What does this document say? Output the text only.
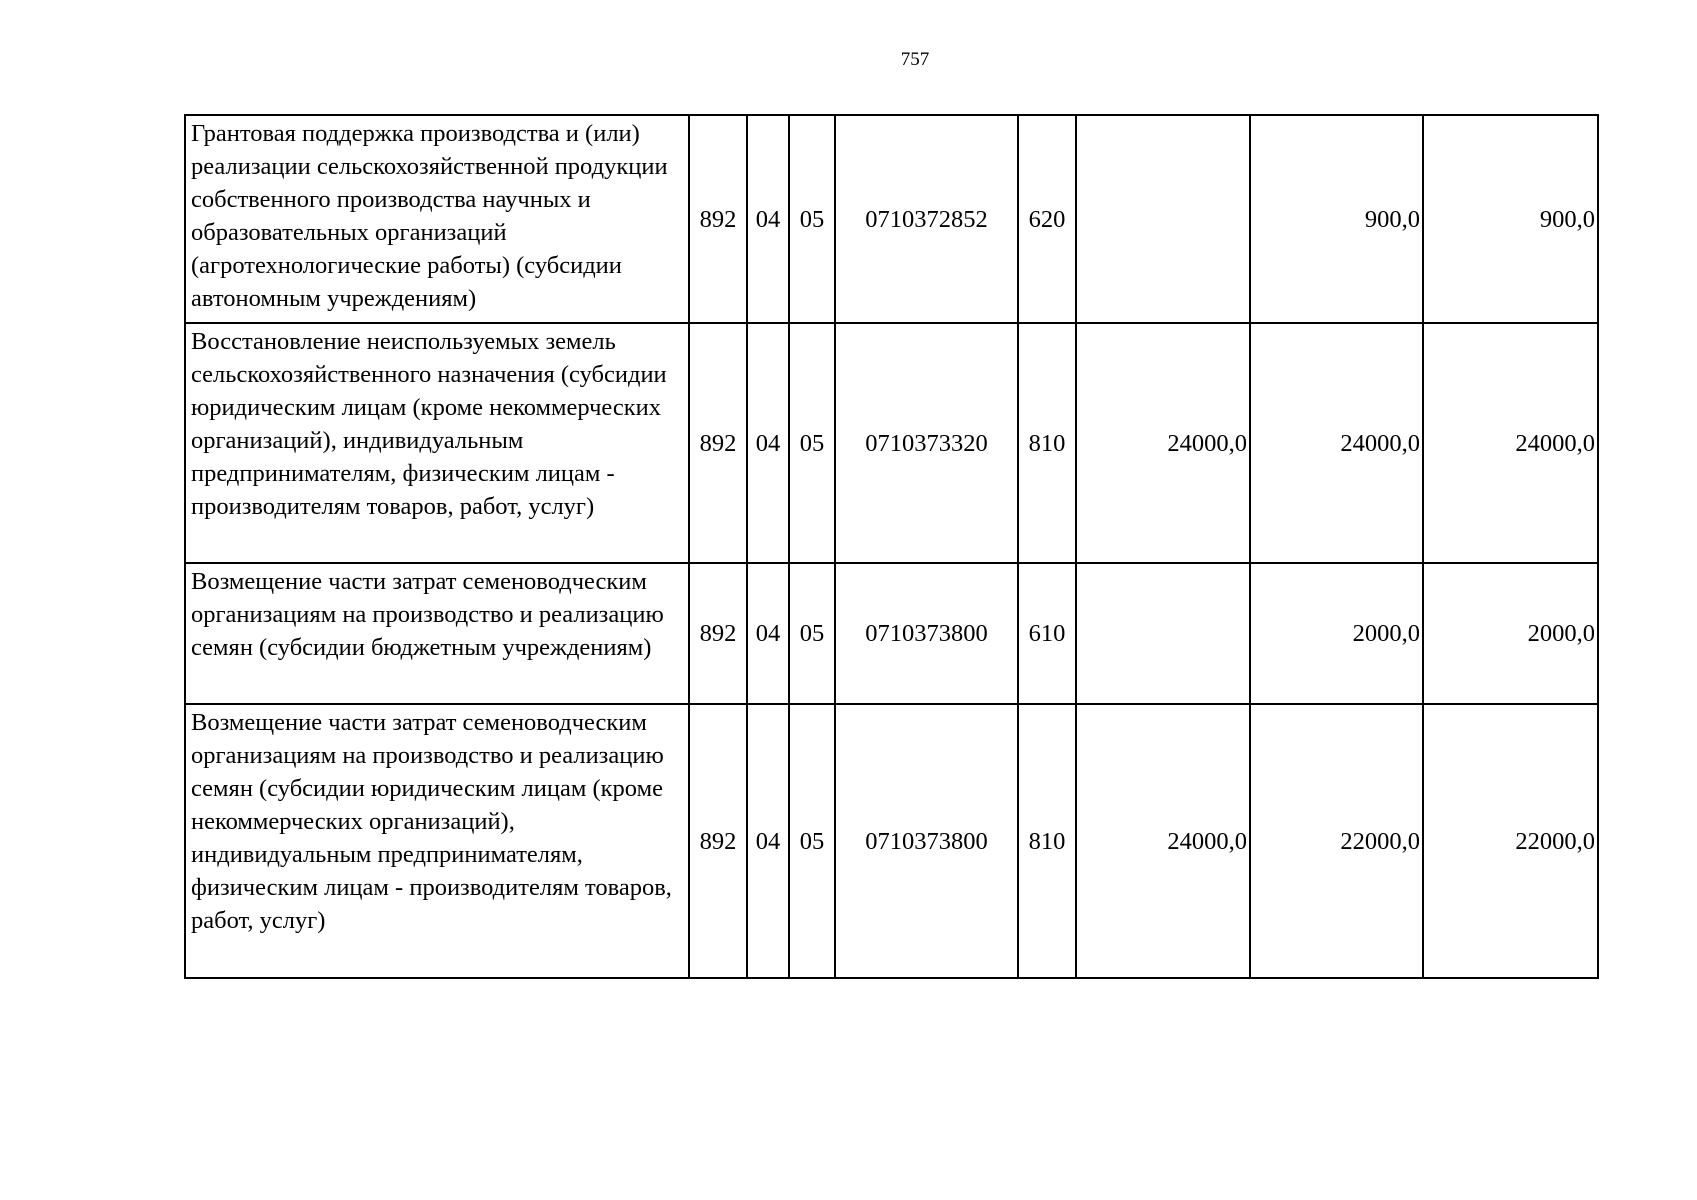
757
Грантовая поддержка производства и (или) реализации сельскохозяйственной продукции собственного производства научных и образовательных организаций (агротехнологические работы) (субсидии автономным учреждениям)	892	04	05	0710372852	620		900,0	900,0
Восстановление неиспользуемых земель сельскохозяйственного назначения (субсидии юридическим лицам (кроме некоммерческих организаций), индивидуальным предпринимателям, физическим лицам - производителям товаров, работ, услуг)	892	04	05	0710373320	810	24000,0	24000,0	24000,0
Возмещение части затрат семеноводческим организациям на производство и реализацию семян (субсидии бюджетным учреждениям)	892	04	05	0710373800	610		2000,0	2000,0
Возмещение части затрат семеноводческим организациям на производство и реализацию семян (субсидии юридическим лицам (кроме некоммерческих организаций), индивидуальным предпринимателям, физическим лицам - производителям товаров, работ, услуг)	892	04	05	0710373800	810	24000,0	22000,0	22000,0
